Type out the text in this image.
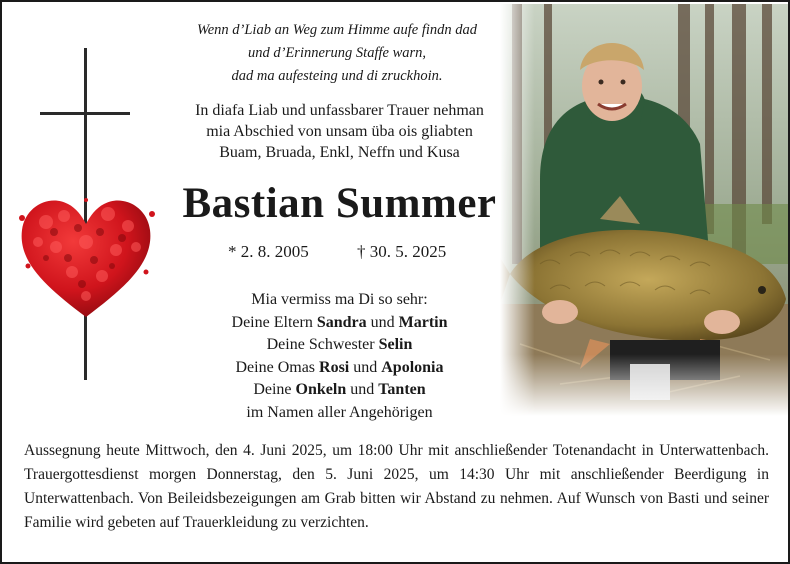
Wenn d’Liab an Weg zum Himme aufe findn dad
und d’Erinnerung Staffe warn,
dad ma aufesteing und di zruckhoin.
In diafa Liab und unfassbarer Trauer nehman
mia Abschied von unsam üba ois gliabten
Buam, Bruada, Enkl, Neffn und Kusa
Bastian Summer
* 2. 8. 2005	† 30. 5. 2025
Mia vermiss ma Di so sehr:
Deine Eltern Sandra und Martin
Deine Schwester Selin
Deine Omas Rosi und Apolonia
Deine Onkeln und Tanten
im Namen aller Angehörigen
Aussegnung heute Mittwoch, den 4. Juni 2025, um 18:00 Uhr mit anschließender Totenandacht in Unterwattenbach. Trauergottesdienst morgen Donnerstag, den 5. Juni 2025, um 14:30 Uhr mit anschließender Beerdigung in Unterwattenbach. Von Beileidsbezeigungen am Grab bitten wir Abstand zu nehmen. Auf Wunsch von Basti und seiner Familie wird gebeten auf Trauerkleidung zu verzichten.
